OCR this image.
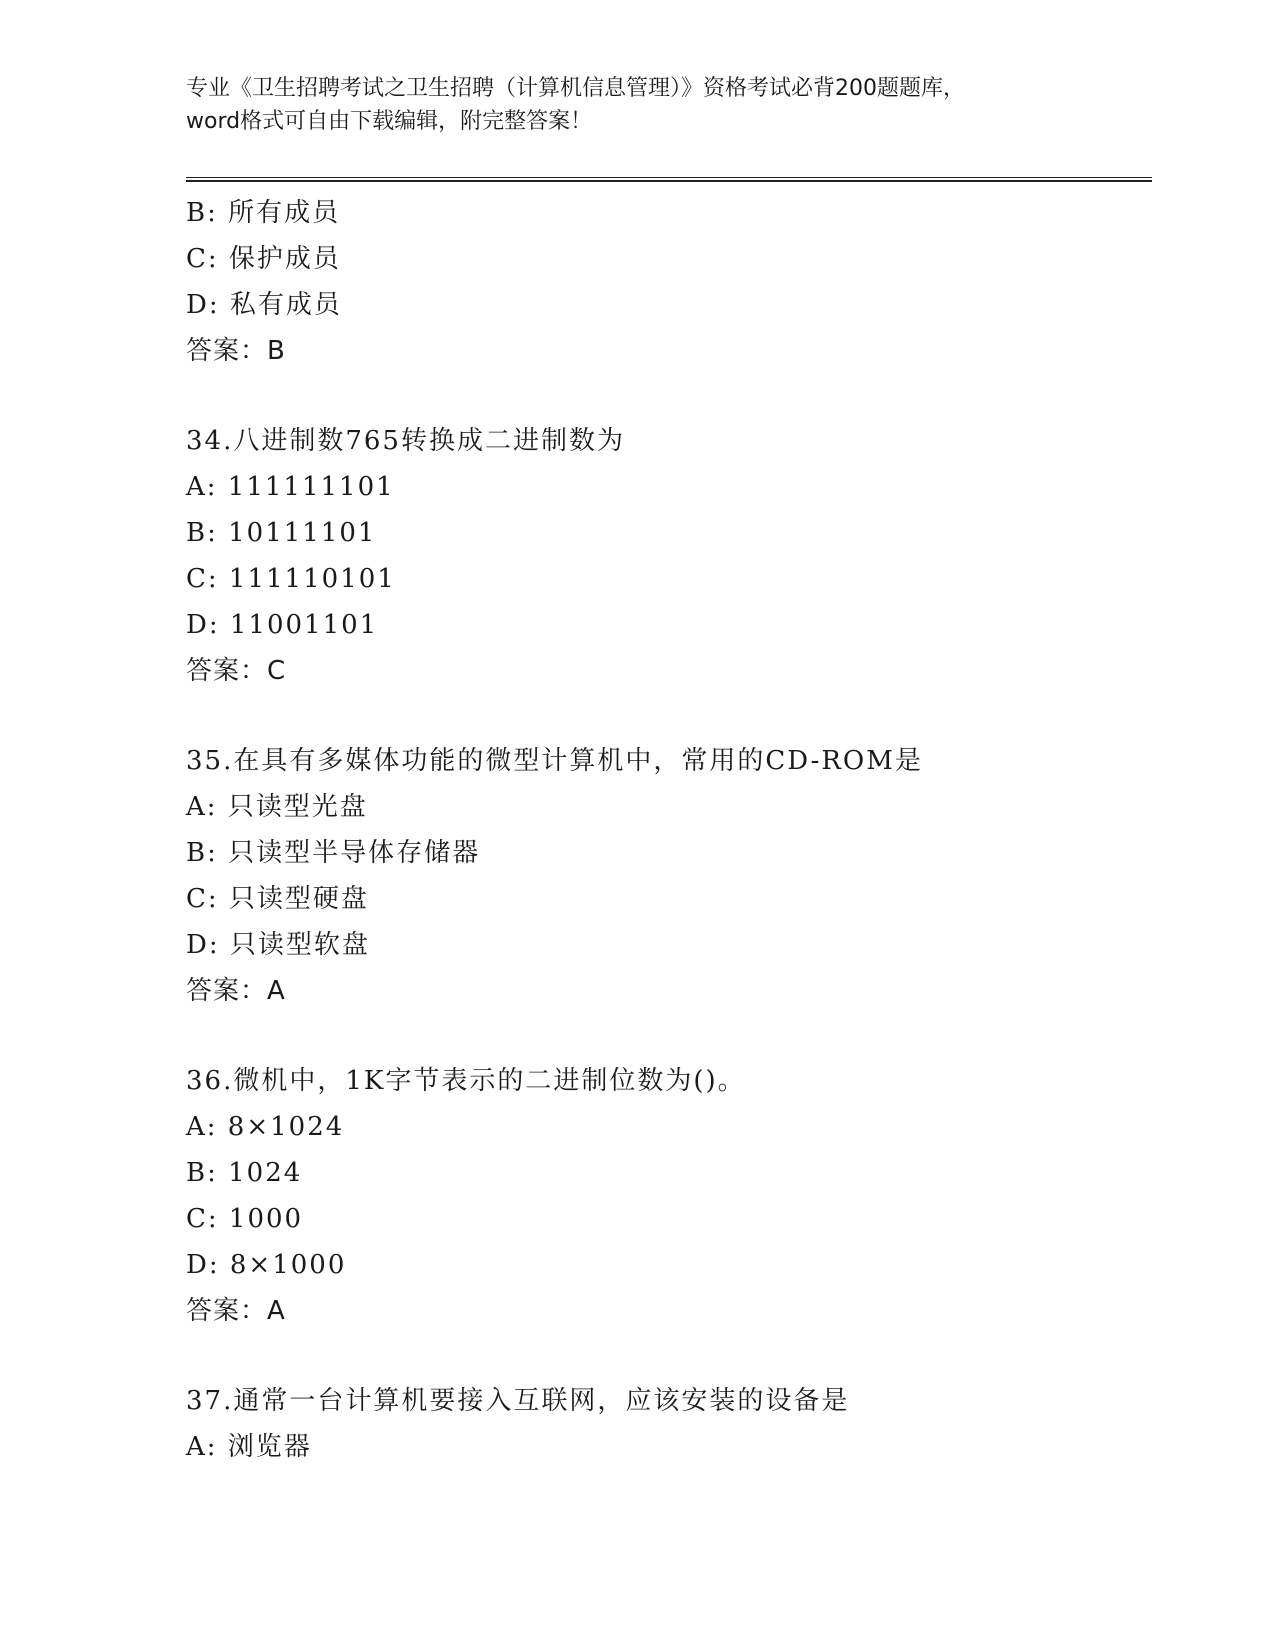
专业《卫生招聘考试之卫生招聘（计算机信息管理）》资格考试必背200题题库，
word格式可自由下载编辑，附完整答案！
B: 所有成员
C: 保护成员
D: 私有成员
答案：B
34.八进制数765转换成二进制数为
A: 111111101
B: 10111101
C: 111110101
D: 11001101
答案：C
35.在具有多媒体功能的微型计算机中，常用的CD-ROM是
A: 只读型光盘
B: 只读型半导体存储器
C: 只读型硬盘
D: 只读型软盘
答案：A
36.微机中，1K字节表示的二进制位数为()。
A: 8×1024
B: 1024
C: 1000
D: 8×1000
答案：A
37.通常一台计算机要接入互联网，应该安装的设备是
A: 浏览器
